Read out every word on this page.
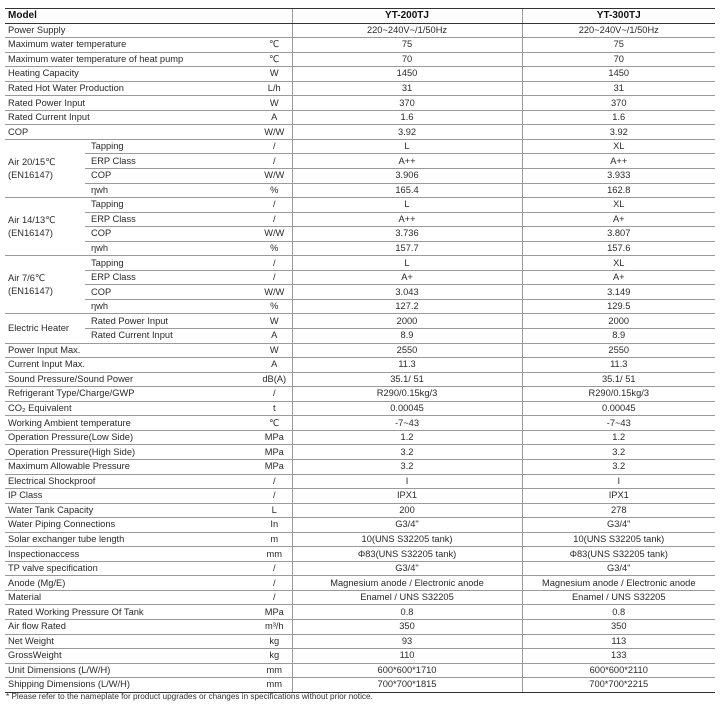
Model			YT-200TJ	YT-300TJ
Power Supply			220~240V~/1/50Hz	220~240V~/1/50Hz
Maximum water temperature		℃	75	75
Maximum water temperature of heat pump		℃	70	70
Heating Capacity		W	1450	1450
Rated Hot Water Production		L/h	31	31
Rated Power Input		W	370	370
Rated Current Input		A	1.6	1.6
COP		W/W	3.92	3.92

Air 20/15℃
(EN16147)	Tapping	/	L	XL
	ERP Class	/	A++	A++
	COP	W/W	3.906	3.933
	ηwh	%	165.4	162.8

Air 14/13℃
(EN16147)	Tapping	/	L	XL
	ERP Class	/	A++	A+
	COP	W/W	3.736	3.807
	ηwh	%	157.7	157.6

Air 7/6℃
(EN16147)	Tapping	/	L	XL
	ERP Class	/	A+	A+
	COP	W/W	3.043	3.149
	ηwh	%	127.2	129.5

Electric Heater	Rated Power Input	W	2000	2000
	Rated Current Input	A	8.9	8.9
Power Input Max.		W	2550	2550
Current Input Max.		A	11.3	11.3
Sound Pressure/Sound Power		dB(A)	35.1/ 51	35.1/ 51
Refrigerant Type/Charge/GWP		/	R290/0.15kg/3	R290/0.15kg/3
CO₂ Equivalent		t	0.00045	0.00045
Working Ambient temperature		℃	-7~43	-7~43
Operation Pressure(Low Side)		MPa	1.2	1.2
Operation Pressure(High Side)		MPa	3.2	3.2
Maximum Allowable Pressure		MPa	3.2	3.2
Electrical Shockproof		/	I	I
IP Class		/	IPX1	IPX1
Water Tank Capacity		L	200	278
Water Piping Connections		In	G3/4"	G3/4"
Solar exchanger tube length		m	10(UNS S32205 tank)	10(UNS S32205 tank)
Inspectionaccess		mm	Φ83(UNS S32205 tank)	Φ83(UNS S32205 tank)
TP valve specification		/	G3/4"	G3/4"
Anode (Mg/E)		/	Magnesium anode / Electronic anode	Magnesium anode / Electronic anode
Material		/	Enamel / UNS S32205	Enamel / UNS S32205
Rated Working Pressure Of Tank		MPa	0.8	0.8
Air flow Rated		m³/h	350	350
Net Weight		kg	93	113
GrossWeight		kg	110	133
Unit Dimensions (L/W/H)		mm	600*600*1710	600*600*2110
Shipping Dimensions (L/W/H)		mm	700*700*1815	700*700*2215
* Please refer to the nameplate for product upgrades or changes in specifications without prior notice.
